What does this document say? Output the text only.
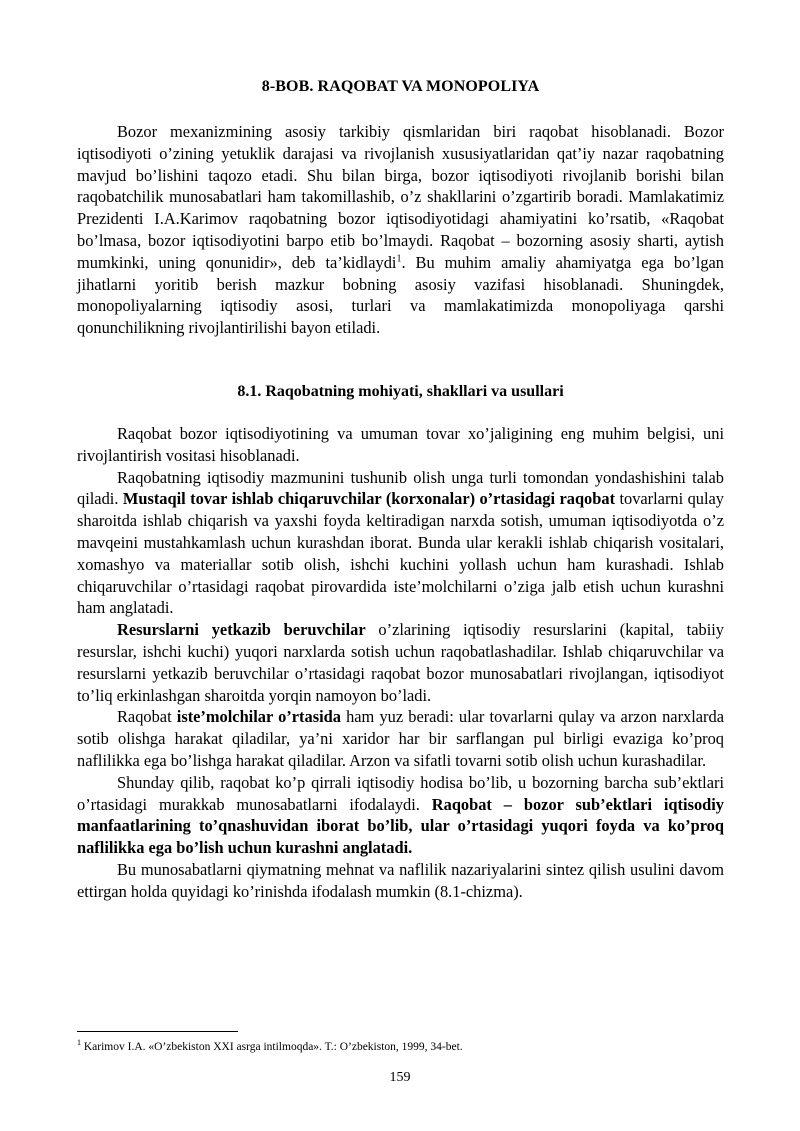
8-BOB. RAQOBAT VA MONOPOLIYA

Bozor mexanizmining asosiy tarkibiy qismlaridan biri raqobat hisoblanadi. Bozor iqtisodiyoti o’zining yetuklik darajasi va rivojlanish xususiyatlaridan qat’iy nazar raqobatning mavjud bo’lishini taqozo etadi. Shu bilan birga, bozor iqtisodiyoti rivojlanib borishi bilan raqobatchilik munosabatlari ham takomillashib, o’z shakllarini o’zgartirib boradi. Mamlakatimiz Prezidenti I.A.Karimov raqobatning bozor iqtisodiyotidagi ahamiyatini ko’rsatib, «Raqobat bo’lmasa, bozor iqtisodiyotini barpo etib bo’lmaydi. Raqobat – bozorning asosiy sharti, aytish mumkinki, uning qonunidir», deb ta’kidlaydi$^1$. Bu muhim amaliy ahamiyatga ega bo’lgan jihatlarni yoritib berish mazkur bobning asosiy vazifasi hisoblanadi. Shuningdek, monopoliyalarning iqtisodiy asosi, turlari va mamlakatimizda monopoliyaga qarshi qonunchilikning rivojlantirilishi bayon etiladi.

8.1. Raqobatning mohiyati, shakllari va usullari

Raqobat bozor iqtisodiyotining va umuman tovar xo’jaligining eng muhim belgisi, uni rivojlantirish vositasi hisoblanadi.

Raqobatning iqtisodiy mazmunini tushunib olish unga turli tomondan yondashishini talab qiladi. Mustaqil tovar ishlab chiqaruvchilar (korxonalar) o’rtasidagi raqobat tovarlarni qulay sharoitda ishlab chiqarish va yaxshi foyda keltiradigan narxda sotish, umuman iqtisodiyotda o’z mavqeini mustahkamlash uchun kurashdan iborat. Bunda ular kerakli ishlab chiqarish vositalari, xomashyo va materiallar sotib olish, ishchi kuchini yollash uchun ham kurashadi. Ishlab chiqaruvchilar o’rtasidagi raqobat pirovardida iste’molchilarni o’ziga jalb etish uchun kurashni ham anglatadi.

Resurslarni yetkazib beruvchilar o’zlarining iqtisodiy resurslarini (kapital, tabiiy resurslar, ishchi kuchi) yuqori narxlarda sotish uchun raqobatlashadilar. Ishlab chiqaruvchilar va resurslarni yetkazib beruvchilar o’rtasidagi raqobat bozor munosabatlari rivojlangan, iqtisodiyot to’liq erkinlashgan sharoitda yorqin namoyon bo’ladi.

Raqobat iste’molchilar o’rtasida ham yuz beradi: ular tovarlarni qulay va arzon narxlarda sotib olishga harakat qiladilar, ya’ni xaridor har bir sarflangan pul birligi evaziga ko’proq naflilikka ega bo’lishga harakat qiladilar. Arzon va sifatli tovarni sotib olish uchun kurashadilar.

Shunday qilib, raqobat ko’p qirrali iqtisodiy hodisa bo’lib, u bozorning barcha sub’ektlari o’rtasidagi murakkab munosabatlarni ifodalaydi. Raqobat – bozor sub’ektlari iqtisodiy manfaatlarining to’qnashuvidan iborat bo’lib, ular o’rtasidagi yuqori foyda va ko’proq naflilikka ega bo’lish uchun kurashni anglatadi.

Bu munosabatlarni qiymatning mehnat va naflilik nazariyalarini sintez qilish usulini davom ettirgan holda quyidagi ko’rinishda ifodalash mumkin (8.1-chizma).

$^1$ Karimov I.A. «O’zbekiston XXI asrga intilmoqda». T.: O’zbekiston, 1999, 34-bet.
159
